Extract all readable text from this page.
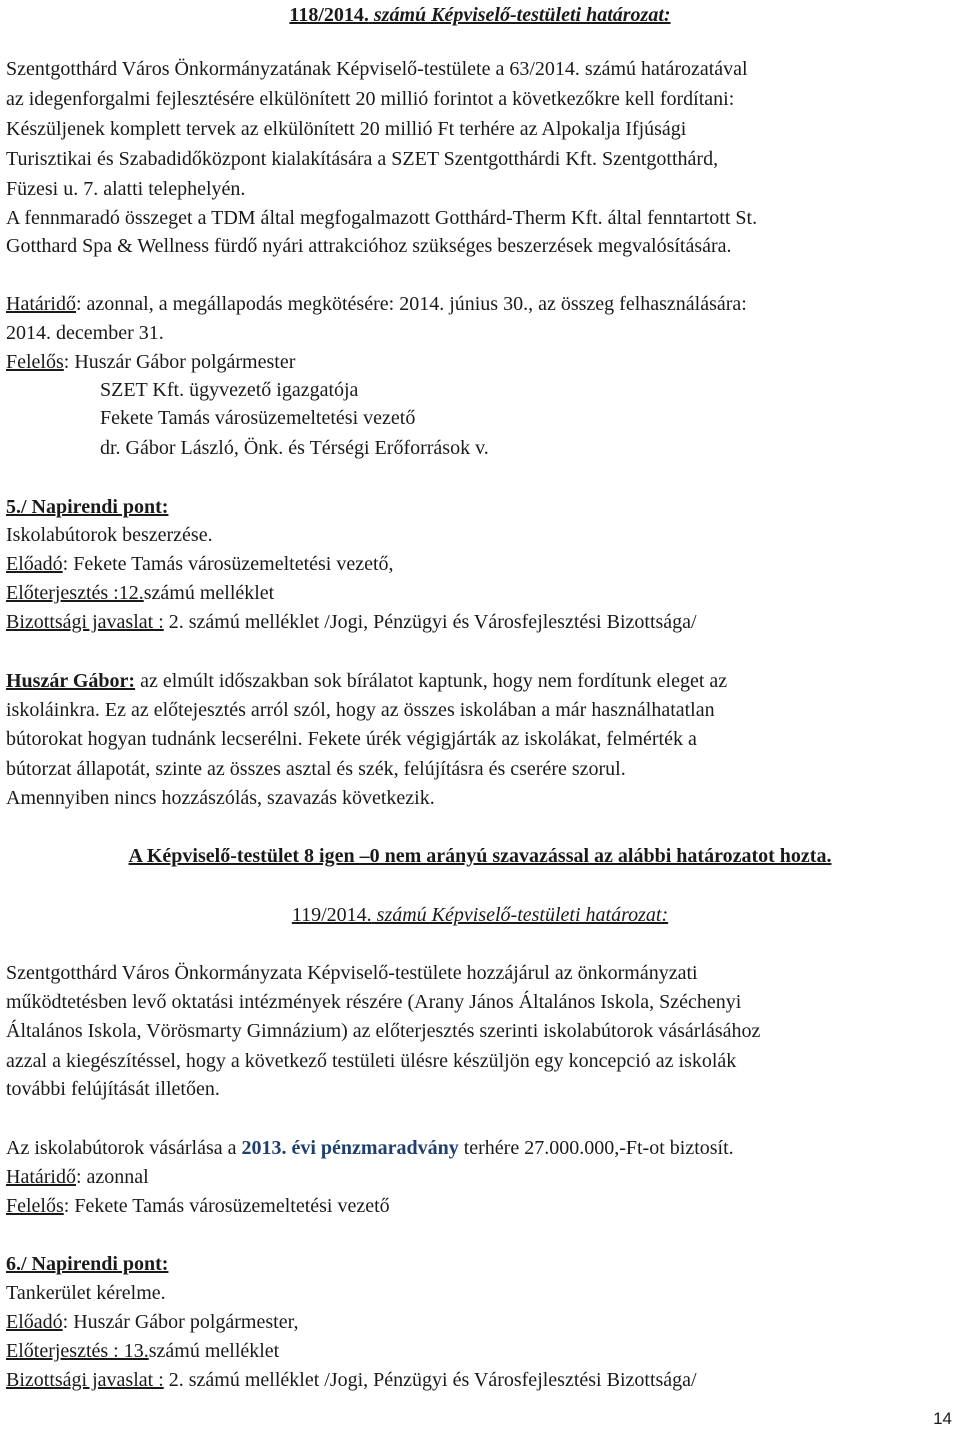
118/2014. számú Képviselő-testületi határozat:
Szentgotthárd Város Önkormányzatának Képviselő-testülete a 63/2014. számú határozatával
az idegenforgalmi fejlesztésére elkülönített 20 millió forintot a következőkre kell fordítani:
Készüljenek komplett tervek az elkülönített 20 millió Ft terhére az Alpokalja Ifjúsági
Turisztikai és Szabadidőközpont kialakítására a SZET Szentgotthárdi Kft. Szentgotthárd,
Füzesi u. 7. alatti telephelyén.
A fennmaradó összeget a TDM által megfogalmazott Gotthárd-Therm Kft. által fenntartott St.
Gotthard Spa & Wellness fürdő nyári attrakcióhoz szükséges beszerzések megvalósítására.
Határidő: azonnal, a megállapodás megkötésére: 2014. június 30., az összeg felhasználására:
2014. december 31.
Felelős: Huszár Gábor polgármester
SZET Kft. ügyvezető igazgatója
Fekete Tamás városüzemeltetési vezető
dr. Gábor László, Önk. és Térségi Erőforrások v.
5./ Napirendi pont:
Iskolabútorok beszerzése.
Előadó: Fekete Tamás városüzemeltetési vezető,
Előterjesztés :12.számú melléklet
Bizottsági javaslat : 2. számú melléklet /Jogi, Pénzügyi és Városfejlesztési Bizottsága/
Huszár Gábor: az elmúlt időszakban sok bírálatot kaptunk, hogy nem fordítunk eleget az
iskoláinkra. Ez az előtejesztés arról szól, hogy az összes iskolában a már használhatatlan
bútorokat hogyan tudnánk lecserélni. Fekete úrék végigjárták az iskolákat, felmérték a
bútorzat állapotát, szinte az összes asztal és szék, felújításra és cserére szorul.
Amennyiben nincs hozzászólás, szavazás következik.
A Képviselő-testület 8 igen –0 nem arányú szavazással az alábbi határozatot hozta.
119/2014. számú Képviselő-testületi határozat:
Szentgotthárd Város Önkormányzata Képviselő-testülete hozzájárul az önkormányzati
működtetésben levő oktatási intézmények részére (Arany János Általános Iskola, Széchenyi
Általános Iskola, Vörösmarty Gimnázium) az előterjesztés szerinti iskolabútorok vásárlásához
azzal a kiegészítéssel, hogy a következő testületi ülésre készüljön egy koncepció az iskolák
további felújítását illetően.
Az iskolabútorok vásárlása a 2013. évi pénzmaradvány terhére 27.000.000,-Ft-ot biztosít.
Határidő: azonnal
Felelős: Fekete Tamás városüzemeltetési vezető
6./ Napirendi pont:
Tankerület kérelme.
Előadó: Huszár Gábor polgármester,
Előterjesztés : 13.számú melléklet
Bizottsági javaslat : 2. számú melléklet /Jogi, Pénzügyi és Városfejlesztési Bizottsága/
14
